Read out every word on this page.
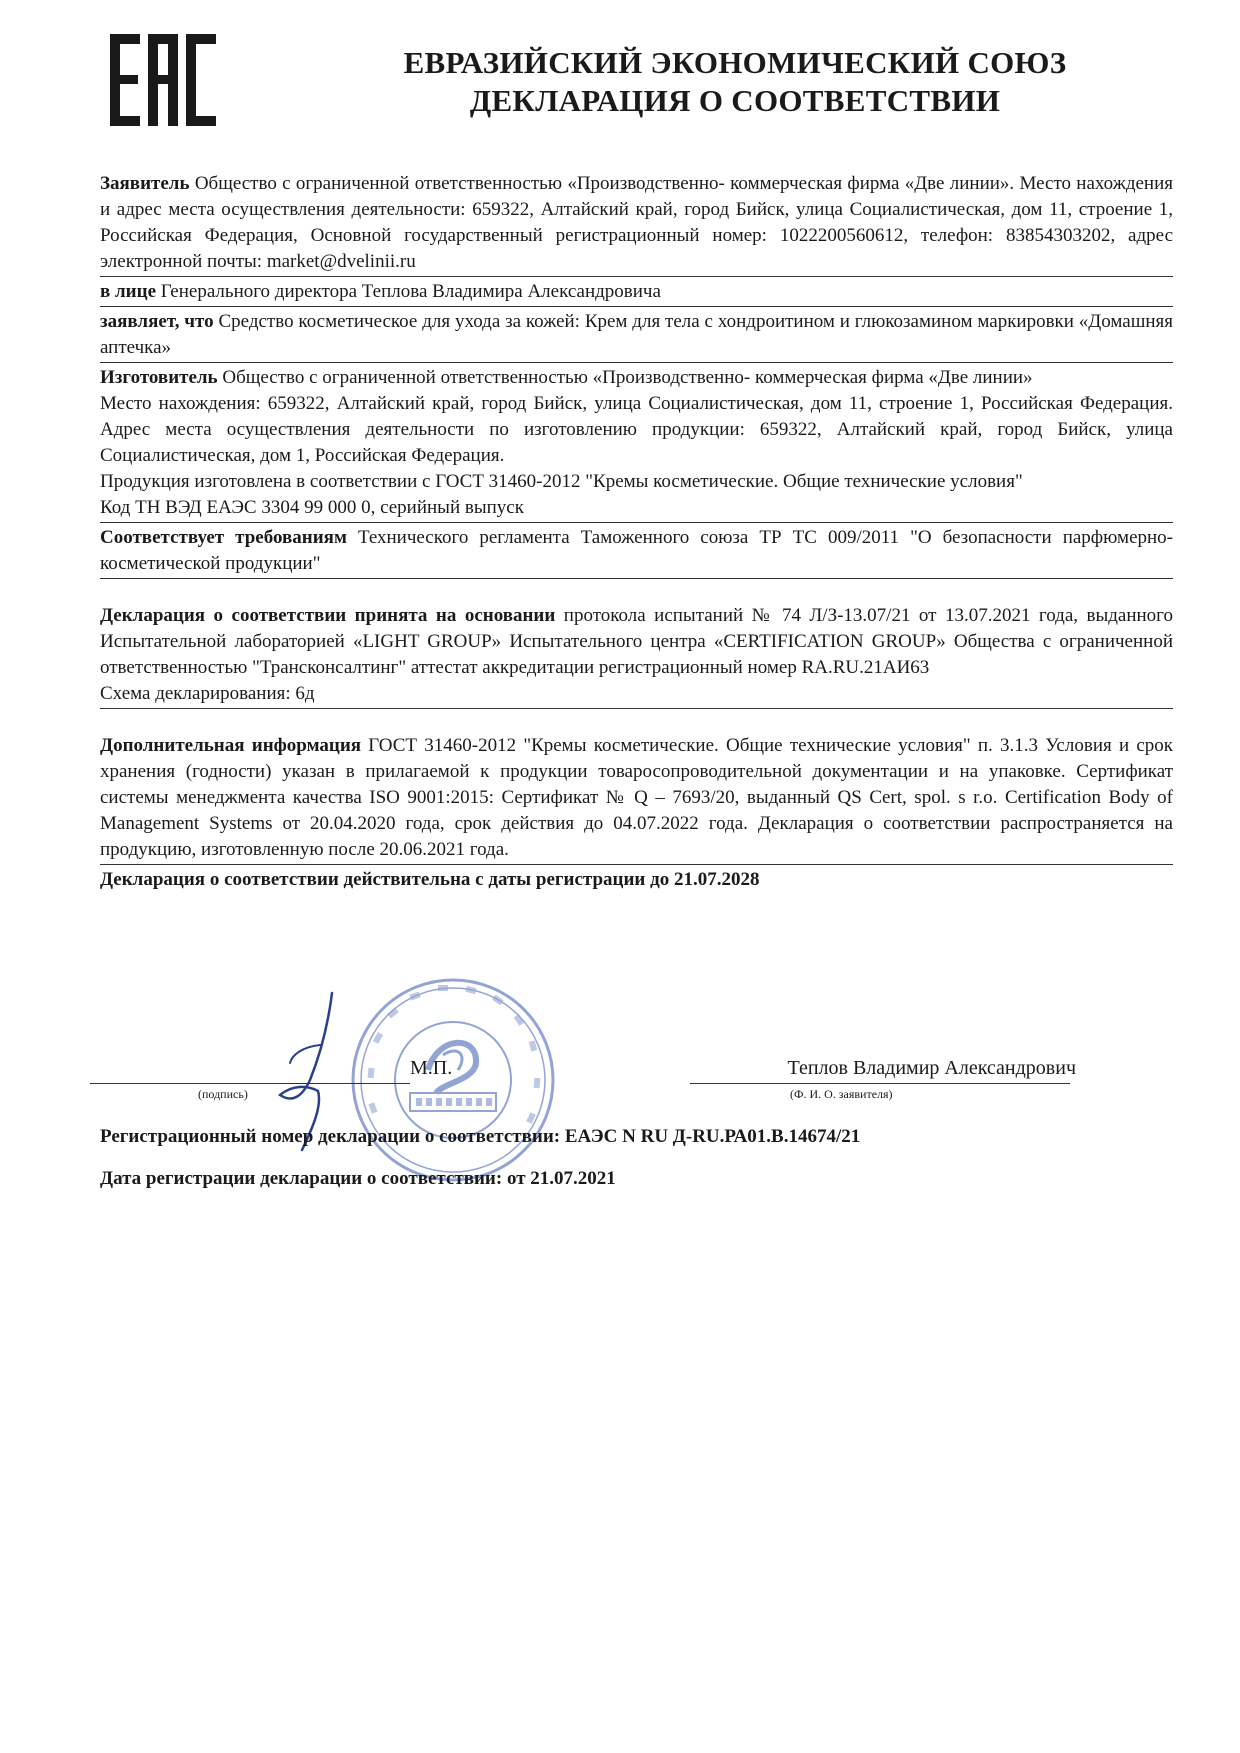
ЕВРАЗИЙСКИЙ ЭКОНОМИЧЕСКИЙ СОЮЗ
ДЕКЛАРАЦИЯ О СООТВЕТСТВИИ

Заявитель Общество с ограниченной ответственностью «Производственно- коммерческая фирма «Две линии». Место нахождения и адрес места осуществления деятельности: 659322, Алтайский край, город Бийск, улица Социалистическая, дом 11, строение 1, Российская Федерация, Основной государственный регистрационный номер: 1022200560612, телефон: 83854303202, адрес электронной почты: market@dvelinii.ru

в лице Генерального директора Теплова Владимира Александровича

заявляет, что Средство косметическое для ухода за кожей: Крем для тела с хондроитином и глюкозамином маркировки «Домашняя аптечка»

Изготовитель Общество с ограниченной ответственностью «Производственно- коммерческая фирма «Две линии»

Место нахождения: 659322, Алтайский край, город Бийск, улица Социалистическая, дом 11, строение 1, Российская Федерация. Адрес места осуществления деятельности по изготовлению продукции: 659322, Алтайский край, город Бийск, улица Социалистическая, дом 1, Российская Федерация.

Продукция изготовлена в соответствии с ГОСТ 31460-2012 "Кремы косметические. Общие технические условия"

Код ТН ВЭД ЕАЭС 3304 99 000 0, серийный выпуск

Соответствует требованиям Технического регламента Таможенного союза ТР ТС 009/2011 "О безопасности парфюмерно-косметической продукции"

Декларация о соответствии принята на основании протокола испытаний № 74 Л/З-13.07/21 от 13.07.2021 года, выданного Испытательной лабораторией «LIGHT GROUP» Испытательного центра «CERTIFICATION GROUP» Общества с ограниченной ответственностью "Трансконсалтинг" аттестат аккредитации регистрационный номер RA.RU.21АИ63

Схема декларирования: 6д

Дополнительная информация ГОСТ 31460-2012 "Кремы косметические. Общие технические условия" п. 3.1.3 Условия и срок хранения (годности) указан в прилагаемой к продукции товаросопроводительной документации и на упаковке. Сертификат системы менеджмента качества ISO 9001:2015: Сертификат № Q – 7693/20, выданный QS Cert, spol. s r.o. Certification Body of Management Systems от 20.04.2020 года, срок действия до 04.07.2022 года. Декларация о соответствии распространяется на продукцию, изготовленную после 20.06.2021 года.

Декларация о соответствии действительна с даты регистрации до 21.07.2028
(подпись)
М.П.	Теплов Владимир Александрович
(Ф. И. О. заявителя)
Регистрационный номер декларации о соответствии: ЕАЭС N RU Д-RU.РА01.В.14674/21
Дата регистрации декларации о соответствии: от 21.07.2021
